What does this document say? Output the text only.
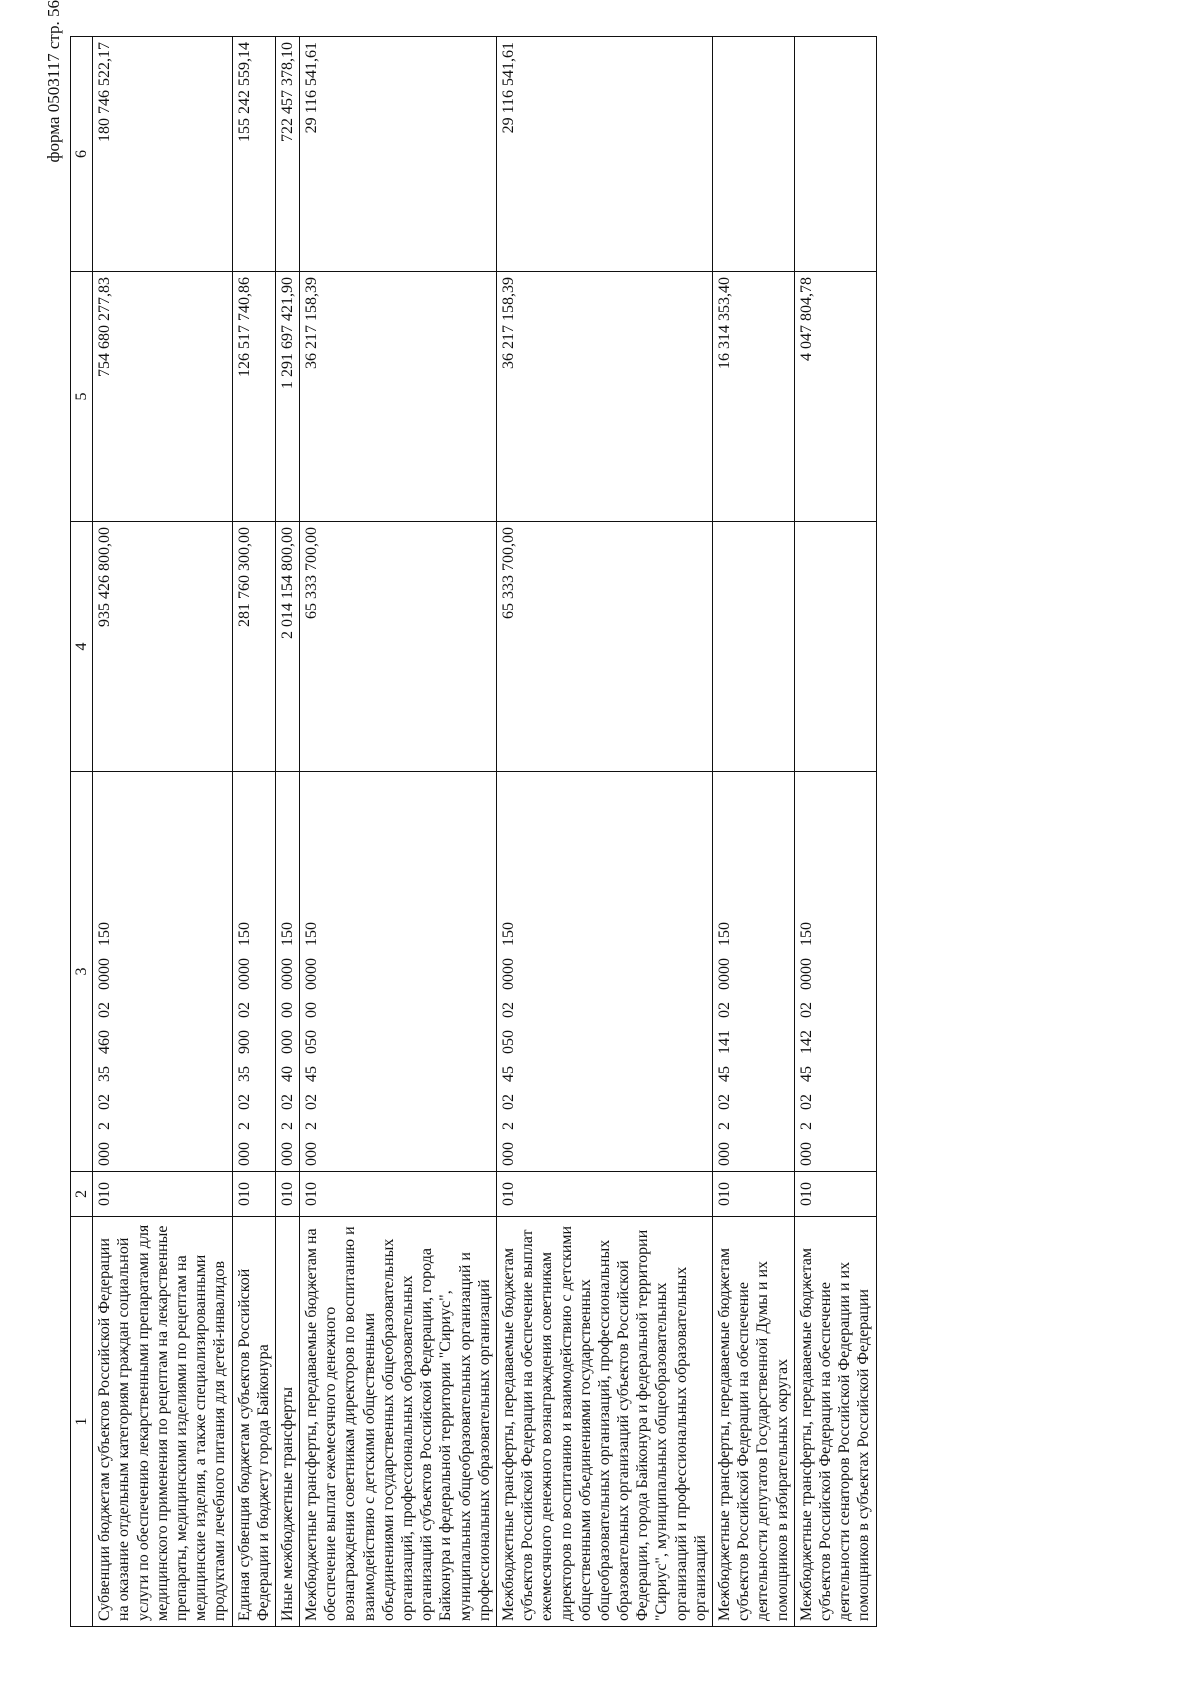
форма 0503117 стр. 56
1	2	3	4	5	6
Субвенции бюджетам субъектов Российской Федерации на оказание отдельным категориям граждан социальной услуги по обеспечению лекарственными препаратами для медицинского применения по рецептам на лекарственные препараты, медицинскими изделиями по рецептам на медицинские изделия, а также специализированными продуктами лечебного питания для детей-инвалидов	010	000 2 02 35 460 02 0000 150	935 426 800,00	754 680 277,83	180 746 522,17
Единая субвенция бюджетам субъектов Российской Федерации и бюджету города Байконура	010	000 2 02 35 900 02 0000 150	281 760 300,00	126 517 740,86	155 242 559,14
Иные межбюджетные трансферты	010	000 2 02 40 000 00 0000 150	2 014 154 800,00	1 291 697 421,90	722 457 378,10
Межбюджетные трансферты, передаваемые бюджетам на обеспечение выплат ежемесячного денежного вознаграждения советникам директоров по воспитанию и взаимодействию с детскими общественными объединениями государственных общеобразовательных организаций, профессиональных образовательных организаций субъектов Российской Федерации, города Байконура и федеральной территории "Сириус", муниципальных общеобразовательных организаций и профессиональных образовательных организаций	010	000 2 02 45 050 00 0000 150	65 333 700,00	36 217 158,39	29 116 541,61
Межбюджетные трансферты, передаваемые бюджетам субъектов Российской Федерации на обеспечение выплат ежемесячного денежного вознаграждения советникам директоров по воспитанию и взаимодействию с детскими общественными объединениями государственных общеобразовательных организаций, профессиональных образовательных организаций субъектов Российской Федерации, города Байконура и федеральной территории "Сириус", муниципальных общеобразовательных организаций и профессиональных образовательных организаций	010	000 2 02 45 050 02 0000 150	65 333 700,00	36 217 158,39	29 116 541,61
Межбюджетные трансферты, передаваемые бюджетам субъектов Российской Федерации на обеспечение деятельности депутатов Государственной Думы и их помощников в избирательных округах	010	000 2 02 45 141 02 0000 150		16 314 353,40	
Межбюджетные трансферты, передаваемые бюджетам субъектов Российской Федерации на обеспечение деятельности сенаторов Российской Федерации и их помощников в субъектах Российской Федерации	010	000 2 02 45 142 02 0000 150		4 047 804,78	
